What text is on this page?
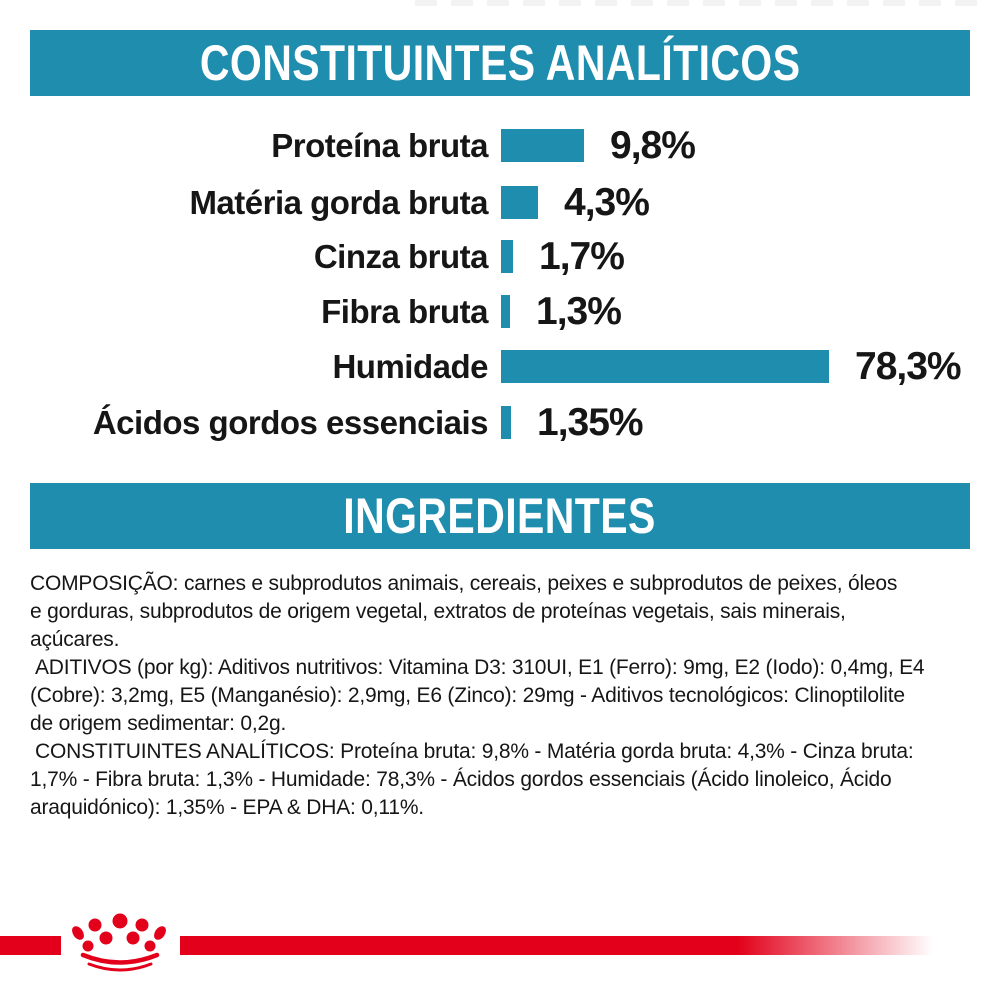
CONSTITUINTES ANALÍTICOS
Proteína bruta	9,8%
Matéria gorda bruta 4,3%
Cinza bruta 1,7%
Fibra bruta 1,3%
Humidade	78,3%
Ácidos gordos essenciais 1,35%
INGREDIENTES

COMPOSIÇÃO: carnes e subprodutos animais, cereais, peixes e subprodutos de peixes, óleos
e gorduras, subprodutos de origem vegetal, extratos de proteínas vegetais, sais minerais,
açúcares.

ADITIVOS (por kg): Aditivos nutritivos: Vitamina D3: 310UI, E1 (Ferro): 9mg, E2 (Iodo): 0,4mg, E4
(Cobre): 3,2mg, E5 (Manganésio): 2,9mg, E6 (Zinco): 29mg - Aditivos tecnológicos: Clinoptilolite
de origem sedimentar: 0,2g.

CONSTITUINTES ANALÍTICOS: Proteína bruta: 9,8% - Matéria gorda bruta: 4,3% - Cinza bruta:
1,7% - Fibra bruta: 1,3% - Humidade: 78,3% - Ácidos gordos essenciais (Ácido linoleico, Ácido
araquidónico): 1,35% - EPA & DHA: 0,11%.
